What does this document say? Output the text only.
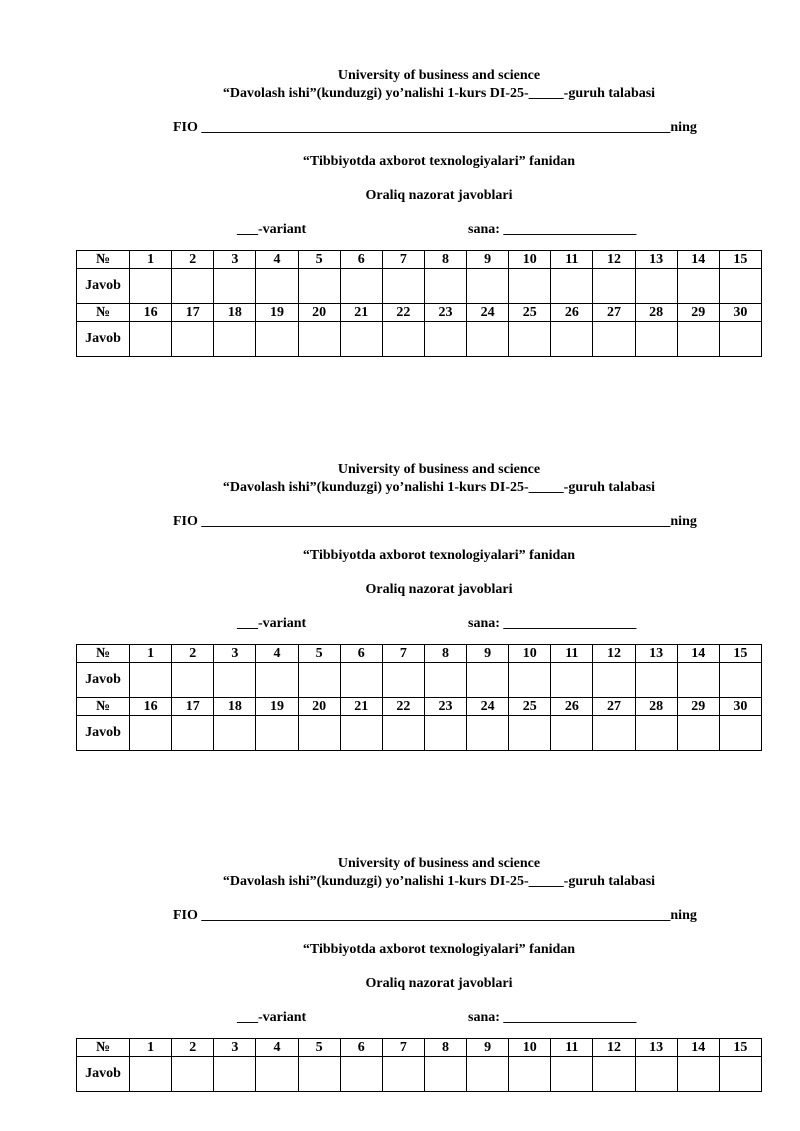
University of business and science
“Davolash ishi”(kunduzgi) yo’nalishi 1-kurs DI-25-_____-guruh talabasi
FIO ___________________________________________________________________ning
“Tibbiyotda axborot texnologiyalari” fanidan
Oraliq nazorat javoblari
___-variant	sana: ___________________
№	1	2	3	4	5	6	7	8	9	10	11	12	13	14	15
Javob															
№	16	17	18	19	20	21	22	23	24	25	26	27	28	29	30
Javob															
University of business and science
“Davolash ishi”(kunduzgi) yo’nalishi 1-kurs DI-25-_____-guruh talabasi
FIO ___________________________________________________________________ning
“Tibbiyotda axborot texnologiyalari” fanidan
Oraliq nazorat javoblari
___-variant	sana: ___________________
№	1	2	3	4	5	6	7	8	9	10	11	12	13	14	15
Javob															
№	16	17	18	19	20	21	22	23	24	25	26	27	28	29	30
Javob															
University of business and science
“Davolash ishi”(kunduzgi) yo’nalishi 1-kurs DI-25-_____-guruh talabasi
FIO ___________________________________________________________________ning
“Tibbiyotda axborot texnologiyalari” fanidan
Oraliq nazorat javoblari
___-variant	sana: ___________________
№	1	2	3	4	5	6	7	8	9	10	11	12	13	14	15
Javob															
